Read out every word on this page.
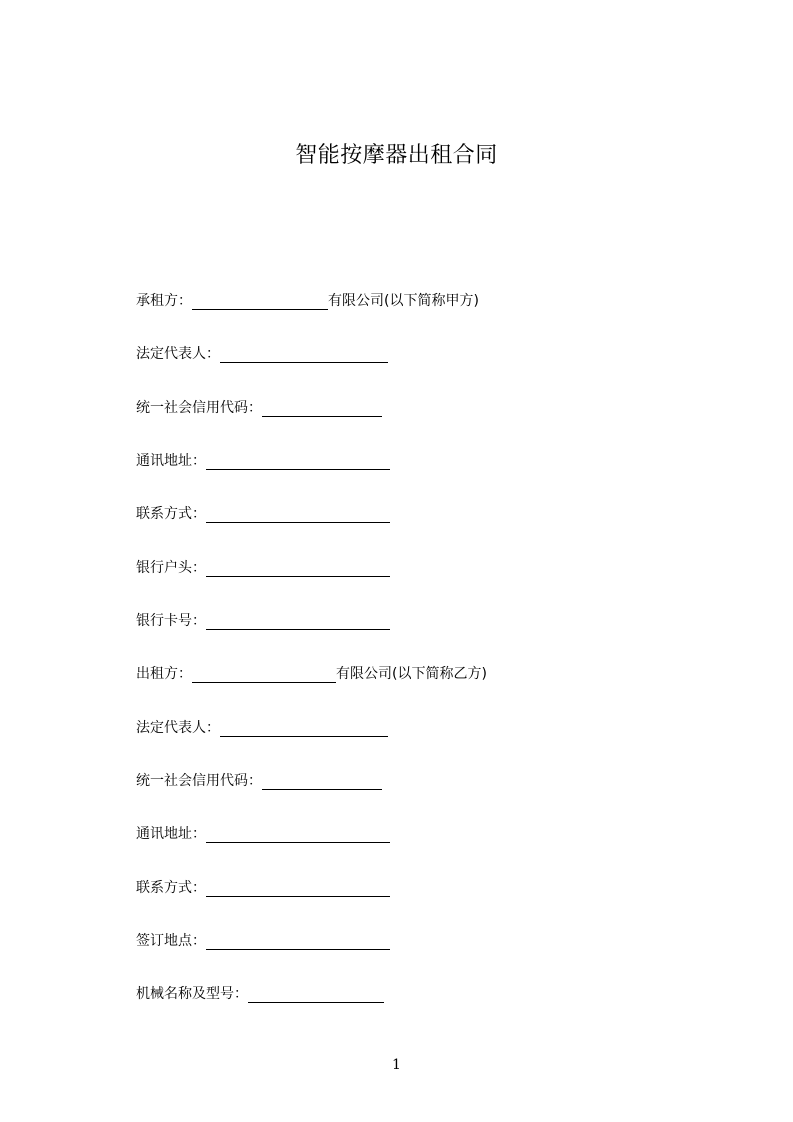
智能按摩器出租合同
承租方：	有限公司(以下简称甲方)
法定代表人：
统一社会信用代码：
通讯地址：
联系方式：
银行户头：
银行卡号：
出租方：	有限公司(以下简称乙方)
法定代表人：
统一社会信用代码：
通讯地址：
联系方式：
签订地点：
机械名称及型号：
1
